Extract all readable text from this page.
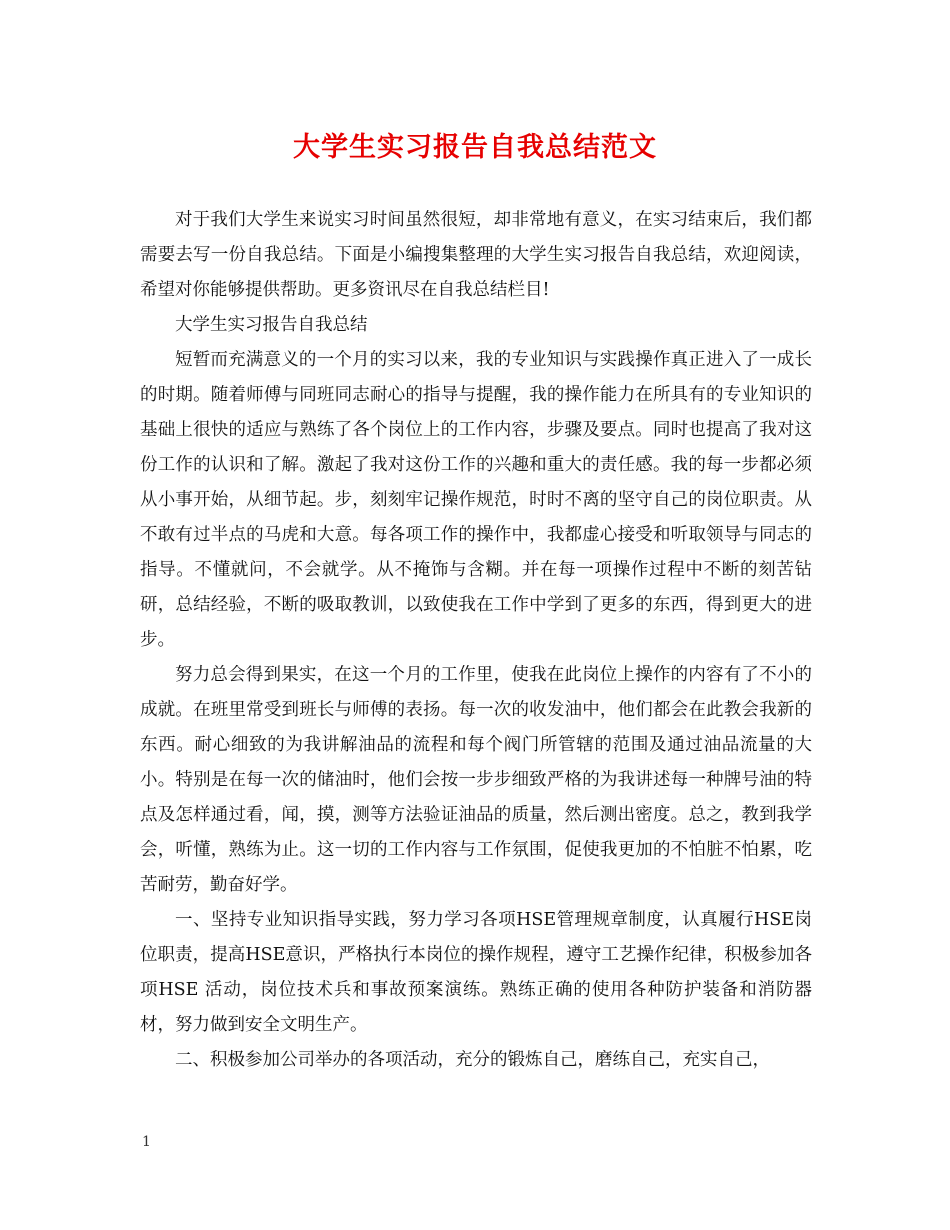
大学生实习报告自我总结范文

对于我们大学生来说实习时间虽然很短，却非常地有意义，在实习结束后，我们都需要去写一份自我总结。下面是小编搜集整理的大学生实习报告自我总结，欢迎阅读，希望对你能够提供帮助。更多资讯尽在自我总结栏目!

大学生实习报告自我总结

短暂而充满意义的一个月的实习以来，我的专业知识与实践操作真正进入了一成长的时期。随着师傅与同班同志耐心的指导与提醒，我的操作能力在所具有的专业知识的基础上很快的适应与熟练了各个岗位上的工作内容，步骤及要点。同时也提高了我对这份工作的认识和了解。激起了我对这份工作的兴趣和重大的责任感。我的每一步都必须从小事开始，从细节起。步，刻刻牢记操作规范，时时不离的坚守自己的岗位职责。从不敢有过半点的马虎和大意。每各项工作的操作中，我都虚心接受和听取领导与同志的指导。不懂就问，不会就学。从不掩饰与含糊。并在每一项操作过程中不断的刻苦钻研，总结经验，不断的吸取教训，以致使我在工作中学到了更多的东西，得到更大的进步。

努力总会得到果实，在这一个月的工作里，使我在此岗位上操作的内容有了不小的成就。在班里常受到班长与师傅的表扬。每一次的收发油中，他们都会在此教会我新的东西。耐心细致的为我讲解油品的流程和每个阀门所管辖的范围及通过油品流量的大小。特别是在每一次的储油时，他们会按一步步细致严格的为我讲述每一种牌号油的特点及怎样通过看，闻，摸，测等方法验证油品的质量，然后测出密度。总之，教到我学会，听懂，熟练为止。这一切的工作内容与工作氛围，促使我更加的不怕脏不怕累，吃苦耐劳，勤奋好学。

一、坚持专业知识指导实践，努力学习各项HSE管理规章制度，认真履行HSE岗位职责，提高HSE意识，严格执行本岗位的操作规程，遵守工艺操作纪律，积极参加各项HSE 活动，岗位技术兵和事故预案演练。熟练正确的使用各种防护装备和消防器材，努力做到安全文明生产。

二、积极参加公司举办的各项活动，充分的锻炼自己，磨练自己，充实自己，

1
